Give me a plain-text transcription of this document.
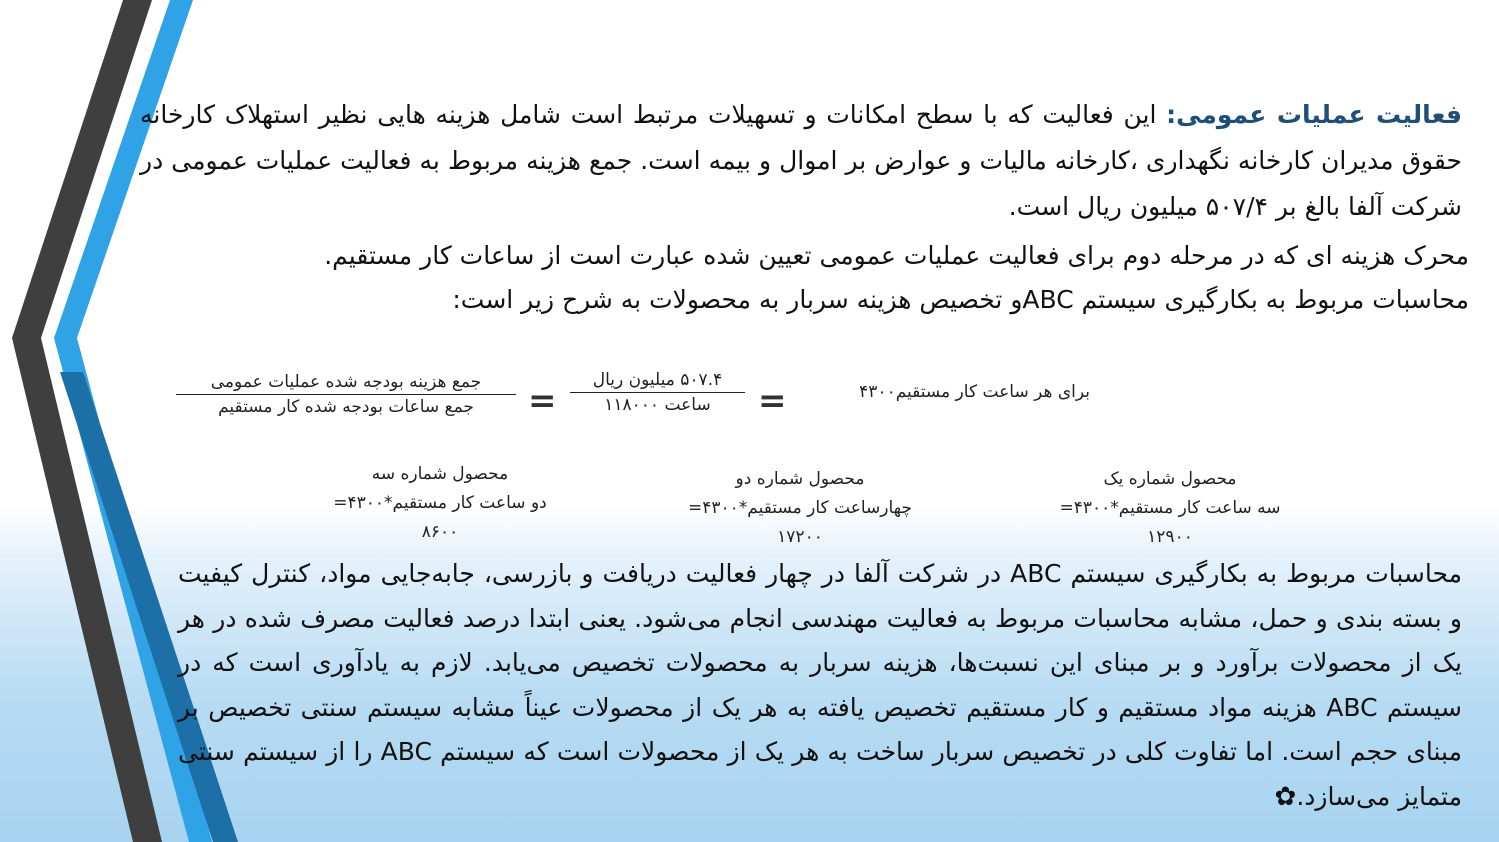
فعالیت عملیات عمومی: این فعالیت که با سطح امکانات و تسهیلات مرتبط است شامل هزینه هایی نظیر استهلاک کارخانه حقوق مدیران کارخانه نگهداری ،کارخانه مالیات و عوارض بر اموال و بیمه است. جمع هزینه مربوط به فعالیت عملیات عمومی در شرکت آلفا بالغ بر ۵۰۷/۴ میلیون ریال است.
محرک هزینه ای که در مرحله دوم برای فعالیت عملیات عمومی تعیین شده عبارت است از ساعات کار مستقیم.
محاسبات مربوط به بکارگیری سیستم ABCو تخصیص هزینه سربار به محصولات به شرح زیر است:
جمع هزینه بودجه شده عملیات عمومی
جمع ساعات بودجه شده کار مستقیم	=
۵۰۷.۴ میلیون ریال
ساعت ۱۱۸۰۰۰	=	برای هر ساعت کار مستقیم۴۳۰۰
محصول شماره یک
سه ساعت کار مستقیم*۴۳۰۰=
۱۲۹۰۰
محصول شماره دو
چهارساعت کار مستقیم*۴۳۰۰=
۱۷۲۰۰
محصول شماره سه
دو ساعت کار مستقیم*۴۳۰۰=
۸۶۰۰
محاسبات مربوط به بکارگیری سیستم ABC در شرکت آلفا در چهار فعالیت دریافت و بازرسی، جابه‌جایی مواد، کنترل کیفیت و بسته بندی و حمل، مشابه محاسبات مربوط به فعالیت مهندسی انجام می‌شود. یعنی ابتدا درصد فعالیت مصرف شده در هر یک از محصولات برآورد و بر مبنای این نسبت‌ها، هزینه سربار به محصولات تخصیص می‌یابد. لازم به یادآوری است که در سیستم ABC هزینه مواد مستقیم و کار مستقیم تخصیص یافته به هر یک از محصولات عیناً مشابه سیستم سنتی تخصیص بر مبنای حجم است. اما تفاوت کلی در تخصیص سربار ساخت به هر یک از محصولات است که سیستم ABC را از سیستم سنتی متمایز می‌سازد.✿
